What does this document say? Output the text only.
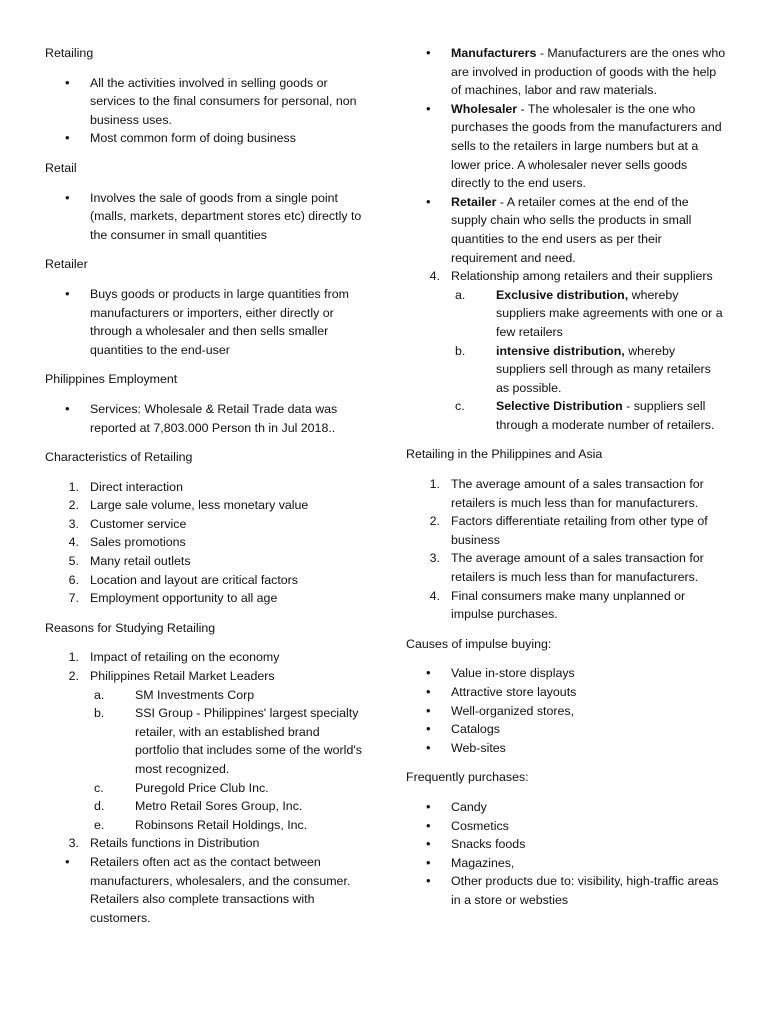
Retailing
• All the activities involved in selling goods or services to the final consumers for personal, non business uses.
• Most common form of doing business
Retail
• Involves the sale of goods from a single point (malls, markets, department stores etc) directly to the consumer in small quantities
Retailer
• Buys goods or products in large quantities from manufacturers or importers, either directly or through a wholesaler and then sells smaller quantities to the end-user
Philippines Employment
• Services: Wholesale & Retail Trade data was reported at 7,803.000 Person th in Jul 2018..
Characteristics of Retailing
1. Direct interaction
2. Large sale volume, less monetary value
3. Customer service
4. Sales promotions
5. Many retail outlets
6. Location and layout are critical factors
7. Employment opportunity to all age
Reasons for Studying Retailing
1. Impact of retailing on the economy
2. Philippines Retail Market Leaders
a.	SM Investments Corp
b.	SSI Group - Philippines' largest specialty retailer, with an established brand portfolio that includes some of the world's most recognized.
c.	Puregold Price Club Inc.
d.	Metro Retail Sores Group, Inc.
e.	Robinsons Retail Holdings, Inc.
3. Retails functions in Distribution
• Retailers often act as the contact between manufacturers, wholesalers, and the consumer. Retailers also complete transactions with customers.
• Manufacturers - Manufacturers are the ones who are involved in production of goods with the help of machines, labor and raw materials.
• Wholesaler - The wholesaler is the one who purchases the goods from the manufacturers and sells to the retailers in large numbers but at a lower price. A wholesaler never sells goods directly to the end users.
• Retailer - A retailer comes at the end of the supply chain who sells the products in small quantities to the end users as per their requirement and need.
4. Relationship among retailers and their suppliers
a.	Exclusive distribution, whereby suppliers make agreements with one or a few retailers
b.	intensive distribution, whereby suppliers sell through as many retailers as possible.
c.	Selective Distribution - suppliers sell through a moderate number of retailers.
Retailing in the Philippines and Asia
1. The average amount of a sales transaction for retailers is much less than for manufacturers.
2. Factors differentiate retailing from other type of business
3. The average amount of a sales transaction for retailers is much less than for manufacturers.
4. Final consumers make many unplanned or impulse purchases.
Causes of impulse buying:
• Value in-store displays
• Attractive store layouts
• Well-organized stores,
• Catalogs
• Web-sites
Frequently purchases:
• Candy
• Cosmetics
• Snacks foods
• Magazines,
• Other products due to: visibility, high-traffic areas in a store or websties
